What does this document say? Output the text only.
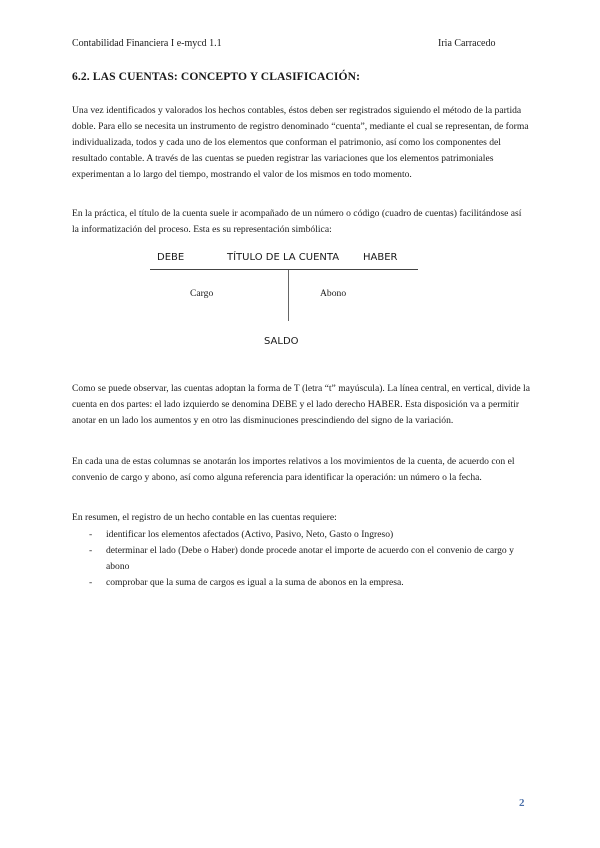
Contabilidad Financiera I e-mycd 1.1	Iria Carracedo
6.2. LAS CUENTAS: CONCEPTO Y CLASIFICACIÓN:

Una vez identificados y valorados los hechos contables, éstos deben ser registrados siguiendo el método de la partida doble. Para ello se necesita un instrumento de registro denominado “cuenta”, mediante el cual se representan, de forma individualizada, todos y cada uno de los elementos que conforman el patrimonio, así como los componentes del resultado contable. A través de las cuentas se pueden registrar las variaciones que los elementos patrimoniales experimentan a lo largo del tiempo, mostrando el valor de los mismos en todo momento.

En la práctica, el título de la cuenta suele ir acompañado de un número o código (cuadro de cuentas) facilitándose así la informatización del proceso. Esta es su representación simbólica:

DEBE	TÍTULO DE LA CUENTA HABER
Cargo	Abono
SALDO

Como se puede observar, las cuentas adoptan la forma de T (letra “t” mayúscula). La línea central, en vertical, divide la cuenta en dos partes: el lado izquierdo se denomina DEBE y el lado derecho HABER. Esta disposición va a permitir anotar en un lado los aumentos y en otro las disminuciones prescindiendo del signo de la variación.

En cada una de estas columnas se anotarán los importes relativos a los movimientos de la cuenta, de acuerdo con el convenio de cargo y abono, así como alguna referencia para identificar la operación: un número o la fecha.

En resumen, el registro de un hecho contable en las cuentas requiere:

- identificar los elementos afectados (Activo, Pasivo, Neto, Gasto o Ingreso)
- determinar el lado (Debe o Haber) donde procede anotar el importe de acuerdo con el convenio de cargo y abono
- comprobar que la suma de cargos es igual a la suma de abonos en la empresa.
2
